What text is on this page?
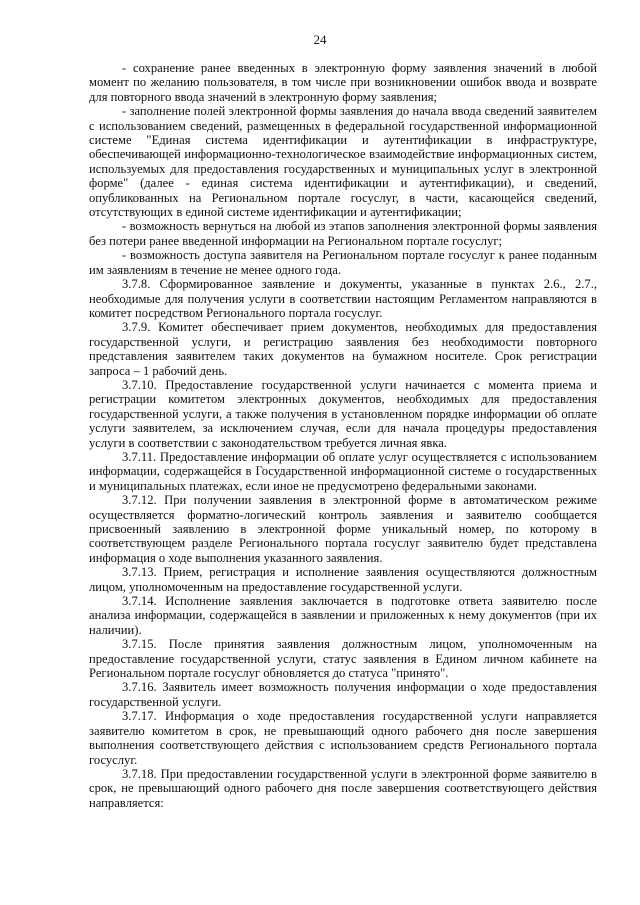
24

- сохранение ранее введенных в электронную форму заявления значений в любой момент по желанию пользователя, в том числе при возникновении ошибок ввода и возврате для повторного ввода значений в электронную форму заявления;

- заполнение полей электронной формы заявления до начала ввода сведений заявителем с использованием сведений, размещенных в федеральной государственной информационной системе "Единая система идентификации и аутентификации в инфраструктуре, обеспечивающей информационно-технологическое взаимодействие информационных систем, используемых для предоставления государственных и муниципальных услуг в электронной форме" (далее - единая система идентификации и аутентификации), и сведений, опубликованных на Региональном портале госуслуг, в части, касающейся сведений, отсутствующих в единой системе идентификации и аутентификации;

- возможность вернуться на любой из этапов заполнения электронной формы заявления без потери ранее введенной информации на Региональном портале госуслуг;

- возможность доступа заявителя на Региональном портале госуслуг к ранее поданным им заявлениям в течение не менее одного года.

3.7.8. Сформированное заявление и документы, указанные в пунктах 2.6., 2.7., необходимые для получения услуги в соответствии настоящим Регламентом направляются в комитет посредством Регионального портала госуслуг.

3.7.9. Комитет обеспечивает прием документов, необходимых для предоставления государственной услуги, и регистрацию заявления без необходимости повторного представления заявителем таких документов на бумажном носителе. Срок регистрации запроса – 1 рабочий день.

3.7.10. Предоставление государственной услуги начинается с момента приема и регистрации комитетом электронных документов, необходимых для предоставления государственной услуги, а также получения в установленном порядке информации об оплате услуги заявителем, за исключением случая, если для начала процедуры предоставления услуги в соответствии с законодательством требуется личная явка.

3.7.11. Предоставление информации об оплате услуг осуществляется с использованием информации, содержащейся в Государственной информационной системе о государственных и муниципальных платежах, если иное не предусмотрено федеральными законами.

3.7.12. При получении заявления в электронной форме в автоматическом режиме осуществляется форматно-логический контроль заявления и заявителю сообщается присвоенный заявлению в электронной форме уникальный номер, по которому в соответствующем разделе Регионального портала госуслуг заявителю будет представлена информация о ходе выполнения указанного заявления.

3.7.13. Прием, регистрация и исполнение заявления осуществляются должностным лицом, уполномоченным на предоставление государственной услуги.

3.7.14. Исполнение заявления заключается в подготовке ответа заявителю после анализа информации, содержащейся в заявлении и приложенных к нему документов (при их наличии).

3.7.15. После принятия заявления должностным лицом, уполномоченным на предоставление государственной услуги, статус заявления в Едином личном кабинете на Региональном портале госуслуг обновляется до статуса "принято".

3.7.16. Заявитель имеет возможность получения информации о ходе предоставления государственной услуги.

3.7.17. Информация о ходе предоставления государственной услуги направляется заявителю комитетом в срок, не превышающий одного рабочего дня после завершения выполнения соответствующего действия с использованием средств Регионального портала госуслуг.

3.7.18. При предоставлении государственной услуги в электронной форме заявителю в срок, не превышающий одного рабочего дня после завершения соответствующего действия направляется:
